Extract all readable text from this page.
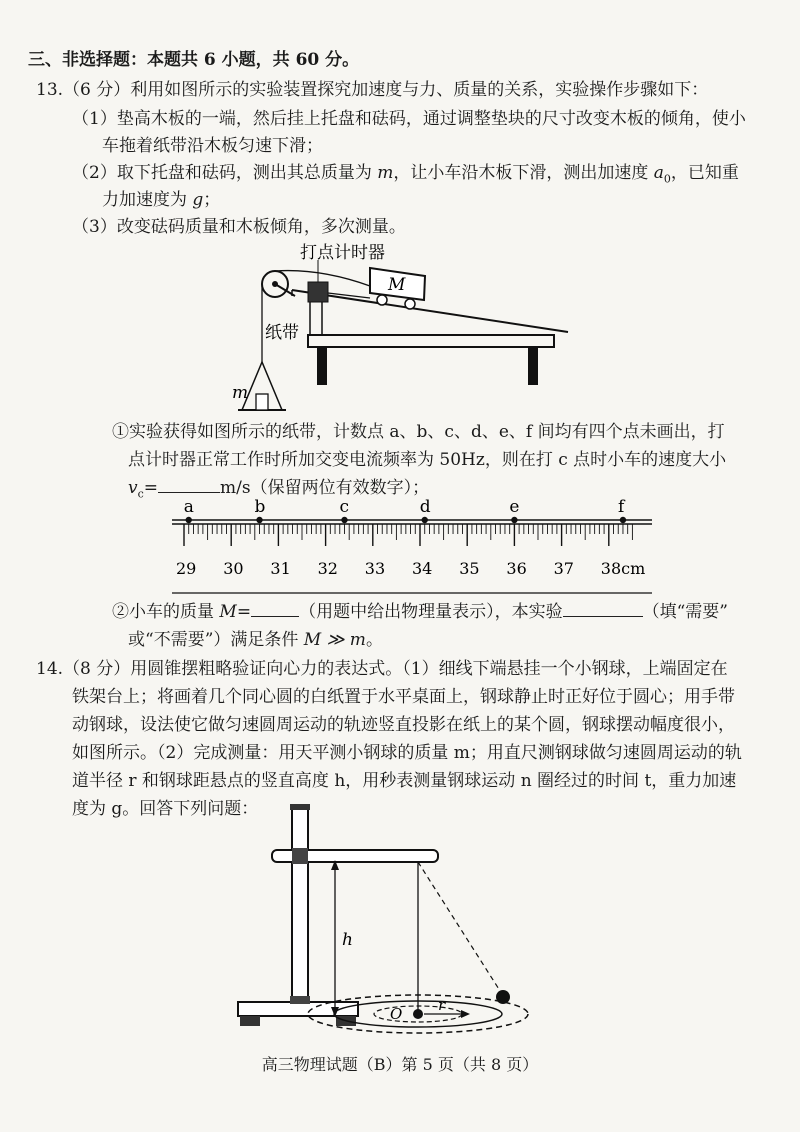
三、非选择题：本题共 6 小题，共 60 分。
13.（6 分）利用如图所示的实验装置探究加速度与力、质量的关系，实验操作步骤如下：
（1）垫高木板的一端，然后挂上托盘和砝码，通过调整垫块的尺寸改变木板的倾角，使小
车拖着纸带沿木板匀速下滑；
（2）取下托盘和砝码，测出其总质量为 m，让小车沿木板下滑，测出加速度 $a_0$，已知重
力加速度为 g；
（3）改变砝码质量和木板倾角，多次测量。
打点计时器
M
纸带
m
①实验获得如图所示的纸带，计数点 a、b、c、d、e、f 间均有四个点未画出，打
点计时器正常工作时所加交变电流频率为 50Hz，则在打 c 点时小车的速度大小
$v_c=$	m/s（保留两位有效数字）；
a	b	c	d	e	f
29 30 31 32 33 34 35 36 37 38cm
②小车的质量 M=	（用题中给出物理量表示），本实验	（填“需要”
或“不需要”）满足条件 M ≫ m。
14.（8 分）用圆锥摆粗略验证向心力的表达式。（1）细线下端悬挂一个小钢球，上端固定在
铁架台上；将画着几个同心圆的白纸置于水平桌面上，钢球静止时正好位于圆心；用手带
动钢球，设法使它做匀速圆周运动的轨迹竖直投影在纸上的某个圆，钢球摆动幅度很小，
如图所示。（2）完成测量：用天平测小钢球的质量 m；用直尺测钢球做匀速圆周运动的轨
道半径 r 和钢球距悬点的竖直高度 h，用秒表测量钢球运动 n 圈经过的时间 t，重力加速
度为 g。回答下列问题：
h
O r
高三物理试题（B）第 5 页（共 8 页）
